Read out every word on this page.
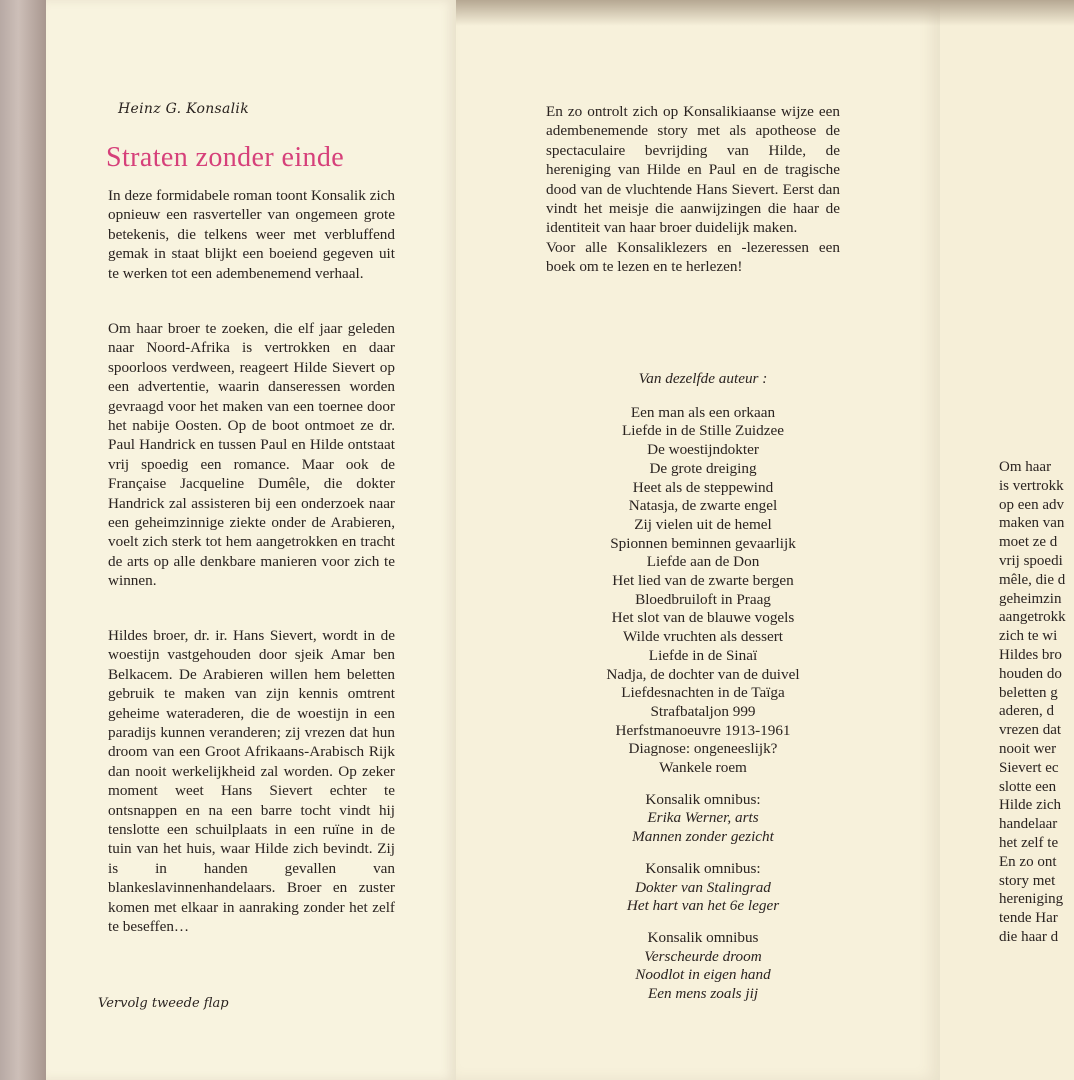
Heinz G. Konsalik
Straten zonder einde

In deze formidabele roman toont Konsalik zich opnieuw een rasverteller van ongemeen grote betekenis, die telkens weer met verbluffend gemak in staat blijkt een boeiend gegeven uit te werken tot een adembenemend verhaal.

Om haar broer te zoeken, die elf jaar geleden naar Noord-Afrika is vertrokken en daar spoorloos verdween, reageert Hilde Sievert op een advertentie, waarin danseressen worden gevraagd voor het maken van een toernee door het nabije Oosten. Op de boot ontmoet ze dr. Paul Handrick en tussen Paul en Hilde ontstaat vrij spoedig een romance. Maar ook de Française Jacqueline Dumêle, die dokter Handrick zal assisteren bij een onderzoek naar een geheimzinnige ziekte onder de Arabieren, voelt zich sterk tot hem aangetrokken en tracht de arts op alle denkbare manieren voor zich te winnen.

Hildes broer, dr. ir. Hans Sievert, wordt in de woestijn vastgehouden door sjeik Amar ben Belkacem. De Arabieren willen hem beletten gebruik te maken van zijn kennis omtrent geheime wateraderen, die de woestijn in een paradijs kunnen veranderen; zij vrezen dat hun droom van een Groot Afrikaans-Arabisch Rijk dan nooit werkelijkheid zal worden. Op zeker moment weet Hans Sievert echter te ontsnappen en na een barre tocht vindt hij tenslotte een schuilplaats in een ruïne in de tuin van het huis, waar Hilde zich bevindt. Zij is in handen gevallen van blankeslavinnenhandelaars. Broer en zuster komen met elkaar in aanraking zonder het zelf te beseffen…

Vervolg tweede flap

En zo ontrolt zich op Konsalikiaanse wijze een adembenemende story met als apotheose de spectaculaire bevrijding van Hilde, de hereniging van Hilde en Paul en de tragische dood van de vluchtende Hans Sievert. Eerst dan vindt het meisje die aanwijzingen die haar de identiteit van haar broer duidelijk maken.

Voor alle Konsaliklezers en -lezeressen een boek om te lezen en te herlezen!

Van dezelfde auteur :
Een man als een orkaan
Liefde in de Stille Zuidzee
De woestijndokter
De grote dreiging
Heet als de steppewind
Natasja, de zwarte engel
Zij vielen uit de hemel
Spionnen beminnen gevaarlijk
Liefde aan de Don
Het lied van de zwarte bergen
Bloedbruiloft in Praag
Het slot van de blauwe vogels
Wilde vruchten als dessert
Liefde in de Sinaï
Nadja, de dochter van de duivel
Liefdesnachten in de Taïga
Strafbataljon 999
Herfstmanoeuvre 1913-1961
Diagnose: ongeneeslijk?
Wankele roem
Konsalik omnibus:
Erika Werner, arts
Mannen zonder gezicht
Konsalik omnibus:
Dokter van Stalingrad
Het hart van het 6e leger
Konsalik omnibus
Verscheurde droom
Noodlot in eigen hand
Een mens zoals jij
Om haar
is vertrokk
op een adv
maken van
moet ze d
vrij spoedi
mêle, die d
geheimzin
aangetrokk
zich te wi
Hildes bro
houden do
beletten g
aderen, d
vrezen dat
nooit wer
Sievert ec
slotte een
Hilde zich
handelaar
het zelf te
En zo ont
story met
hereniging
tende Har
die haar d
